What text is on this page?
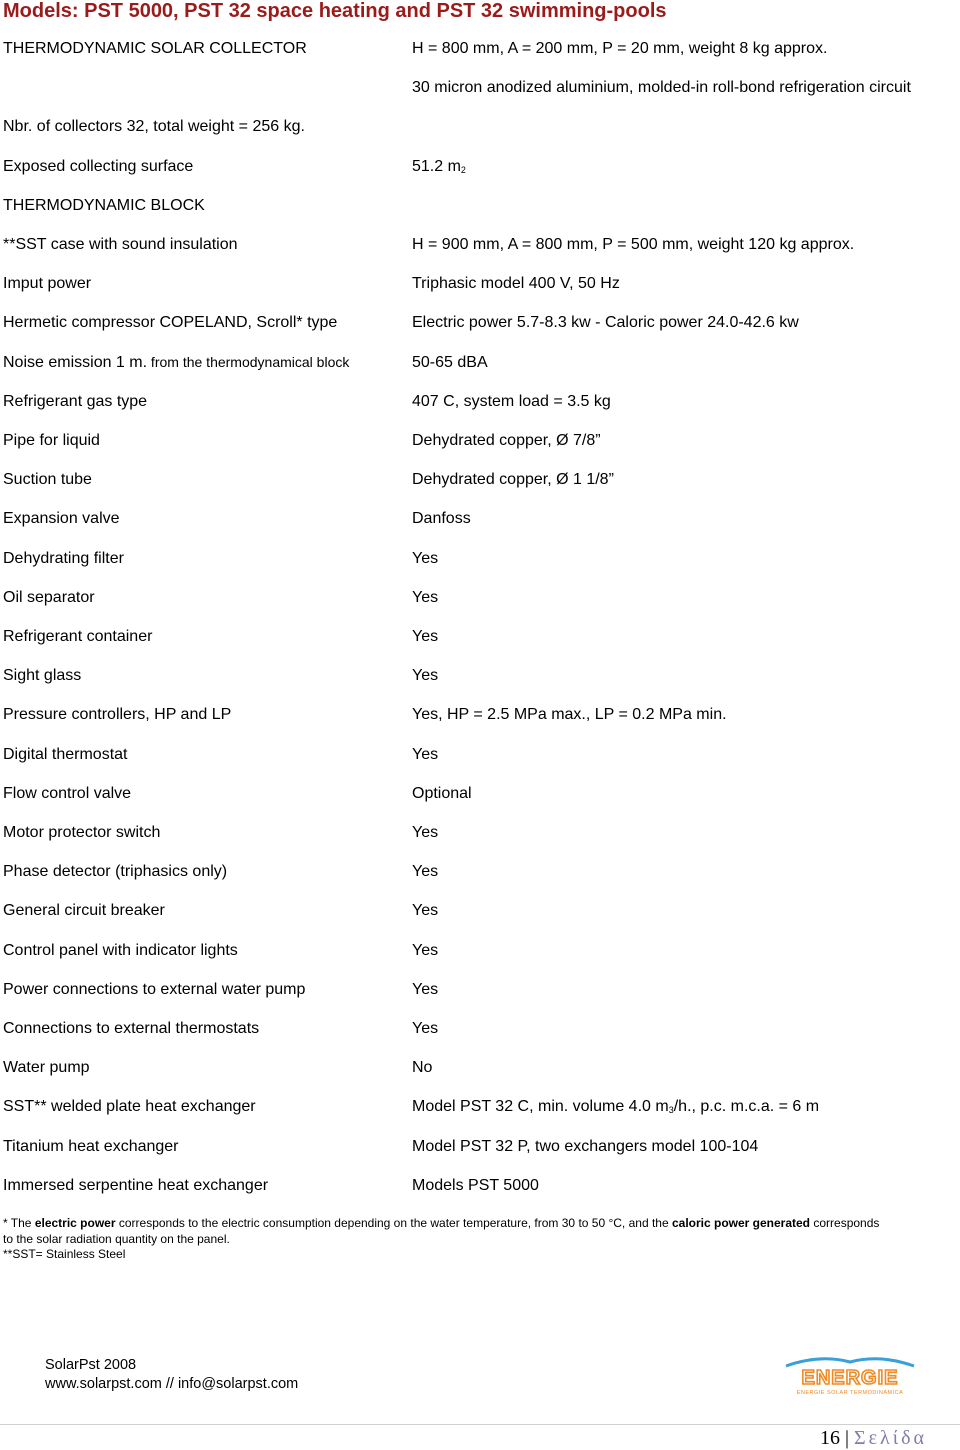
Models: PST 5000, PST 32 space heating and PST 32 swimming-pools
THERMODYNAMIC SOLAR COLLECTOR	H = 800 mm, A = 200 mm, P = 20 mm, weight 8 kg approx.
30 micron anodized aluminium, molded-in roll-bond refrigeration circuit
Nbr. of collectors 32, total weight = 256 kg.
Exposed collecting surface	51.2 m2
THERMODYNAMIC BLOCK
**SST case with sound insulation	H = 900 mm, A = 800 mm, P = 500 mm, weight 120 kg approx.
Imput power	Triphasic model 400 V, 50 Hz
Hermetic compressor COPELAND, Scroll* type	Electric power 5.7-8.3 kw - Caloric power 24.0-42.6 kw
Noise emission 1 m. from the thermodynamical block	50-65 dBA
Refrigerant gas type	407 C, system load = 3.5 kg
Pipe for liquid	Dehydrated copper, Ø 7/8”
Suction tube	Dehydrated copper, Ø 1 1/8”
Expansion valve	Danfoss
Dehydrating filter	Yes
Oil separator	Yes
Refrigerant container	Yes
Sight glass	Yes
Pressure controllers, HP and LP	Yes, HP = 2.5 MPa max., LP = 0.2 MPa min.
Digital thermostat	Yes
Flow control valve	Optional
Motor protector switch	Yes
Phase detector (triphasics only)	Yes
General circuit breaker	Yes
Control panel with indicator lights	Yes
Power connections to external water pump	Yes
Connections to external thermostats	Yes
Water pump	No
SST** welded plate heat exchanger	Model PST 32 C, min. volume 4.0 m3/h., p.c. m.c.a. = 6 m
Titanium heat exchanger	Model PST 32 P, two exchangers model 100-104
Immersed serpentine heat exchanger	Models PST 5000
* The electric power corresponds to the electric consumption depending on the water temperature, from 30 to 50 °C, and the caloric power generated corresponds
to the solar radiation quantity on the panel.
**SST= Stainless Steel
SolarPst 2008
www.solarpst.com // info@solarpst.com	ENERGIE
ENERGIE SOLAR TERMODINÁMICA
16 | Σελίδα
